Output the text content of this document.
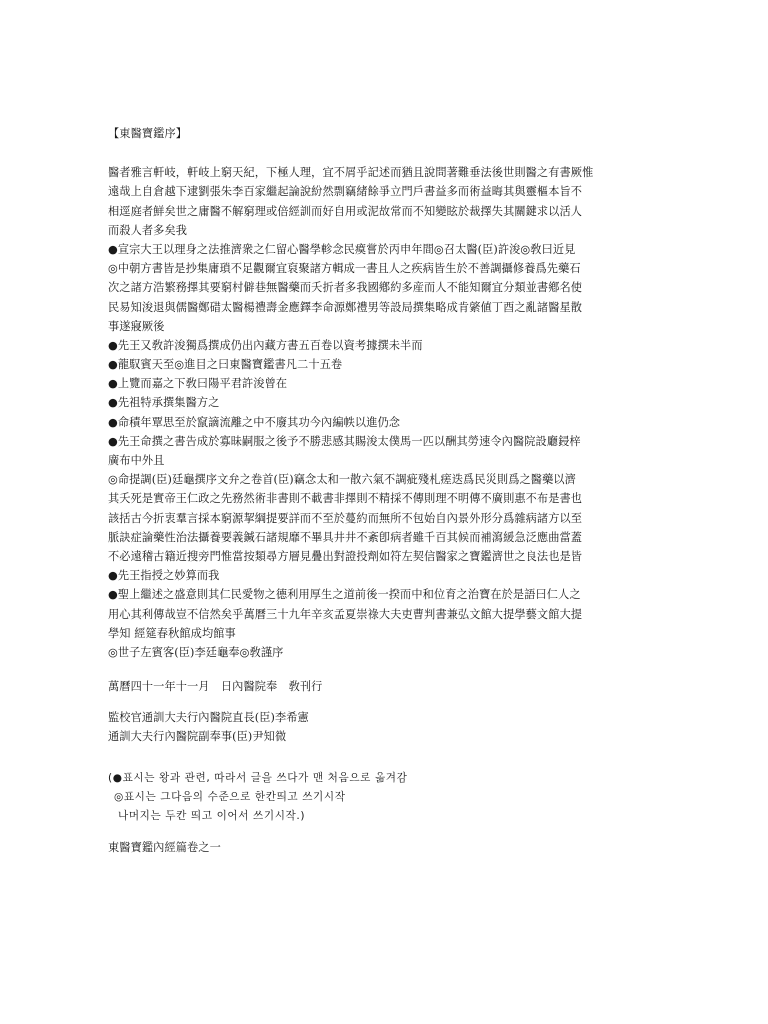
【東醫寶鑑序】
醫者雅言軒岐，軒岐上窮天紀，下極人理，宜不屑乎記述而猶且說問著難垂法後世則醫之有書厥惟
遠哉上自倉越下逮劉張朱李百家繼起論說紛然剽竊緒餘爭立門戶書益多而術益晦其與靈樞本旨不
相逕庭者鮮矣世之庸醫不解窮理或倍經訓而好自用或泥故常而不知變眩於裁擇失其關鍵求以活人
而殺人者多矣我
●宣宗大王以理身之法推濟衆之仁留心醫學軫念民瘼嘗於丙申年間◎召太醫(臣)許浚◎敎曰近見
◎中朝方書皆是抄集庸瑣不足觀爾宜裒聚諸方輯成一書且人之疾病皆生於不善調攝修養爲先藥石
次之諸方浩繁務擇其要窮村僻巷無醫藥而夭折者多我國鄕約多産而人不能知爾宜分類並書鄕名使
民易知浚退與儒醫鄭碏太醫楊禮壽金應鐸李命源鄭禮男等設局撰集略成肯綮値丁酉之亂諸醫星散
事遂寢厥後
●先王又敎許浚獨爲撰成仍出內藏方書五百卷以資考據撰未半而
●龍馭賓天至◎進目之曰東醫寶鑑書凡二十五卷
●上覽而嘉之下敎曰陽平君許浚曾在
●先祖特承撰集醫方之
●命積年覃思至於竄謫流離之中不廢其功今內編帙以進仍念
●先王命撰之書告成於寡昧嗣服之後予不勝悲感其賜浚太僕馬一匹以酬其勞速令內醫院設廳鋟梓
廣布中外且
◎命提調(臣)廷龜撰序文弁之卷首(臣)竊念太和一散六氣不調疵殘札瘥迭爲民災則爲之醫藥以濟
其夭死是實帝王仁政之先務然術非書則不載書非擇則不精採不傳則理不明傳不廣則惠不布是書也
該括古今折衷羣言採本窮源挈綱提要詳而不至於蔓約而無所不包始自內景外形分爲雜病諸方以至
脈訣症論藥性治法攝養要義鍼石諸規靡不畢具井井不紊卽病者雖千百其候而補瀉緩急泛應曲當蓋
不必遠稽古籍近搜旁門惟當按類尋方層見疊出對證投劑如符左契信醫家之寶鑑濟世之良法也是皆
●先王指授之妙算而我
●聖上繼述之盛意則其仁民愛物之德利用厚生之道前後一揆而中和位育之治寶在於是語曰仁人之
用心其利傳哉豈不信然矣乎萬曆三十九年辛亥孟夏崇祿大夫吏曹判書兼弘文館大提學藝文館大提
學知 經筵春秋館成均館事
◎世子左賓客(臣)李廷龜奉◎敎謹序
萬曆四十一年十一月　日內醫院奉　敎刊行
監校官通訓大夫行內醫院直長(臣)李希憲
通訓大夫行內醫院副奉事(臣)尹知微
(●표시는 왕과 관련, 따라서 글을 쓰다가 맨 처음으로 옮겨감
◎표시는 그다음의 수준으로 한칸띄고 쓰기시작
나머지는 두칸 띄고 이어서 쓰기시작.)
東醫寶鑑內經篇卷之一
